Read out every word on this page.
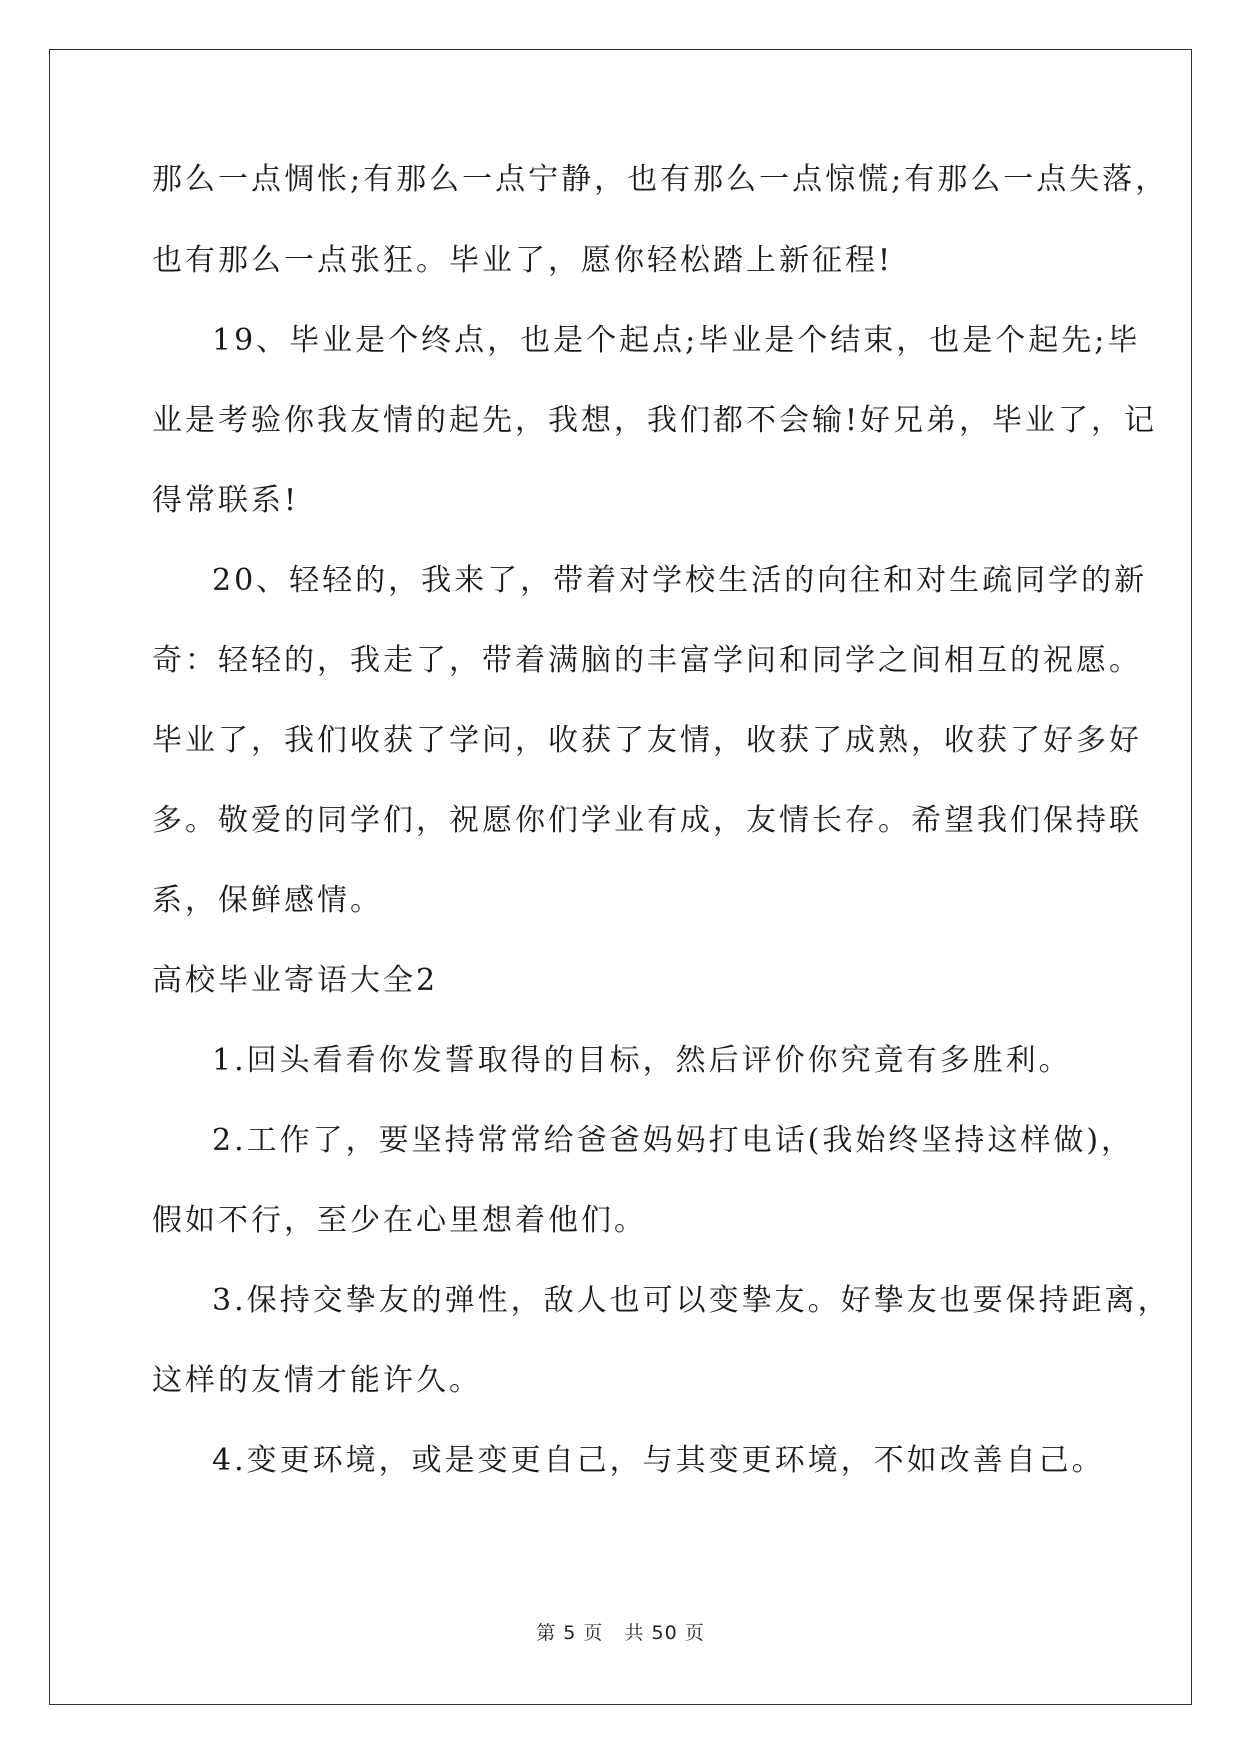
那么一点惆怅;有那么一点宁静，也有那么一点惊慌;有那么一点失落，
也有那么一点张狂。毕业了，愿你轻松踏上新征程!
19、毕业是个终点，也是个起点;毕业是个结束，也是个起先;毕
业是考验你我友情的起先，我想，我们都不会输!好兄弟，毕业了，记
得常联系!
20、轻轻的，我来了，带着对学校生活的向往和对生疏同学的新
奇：轻轻的，我走了，带着满脑的丰富学问和同学之间相互的祝愿。
毕业了，我们收获了学问，收获了友情，收获了成熟，收获了好多好
多。敬爱的同学们，祝愿你们学业有成，友情长存。希望我们保持联
系，保鲜感情。
高校毕业寄语大全2
1.回头看看你发誓取得的目标，然后评价你究竟有多胜利。
2.工作了，要坚持常常给爸爸妈妈打电话(我始终坚持这样做)，
假如不行，至少在心里想着他们。
3.保持交挚友的弹性，敌人也可以变挚友。好挚友也要保持距离，
这样的友情才能许久。
4.变更环境，或是变更自己，与其变更环境，不如改善自己。
第 5 页 共 50 页
